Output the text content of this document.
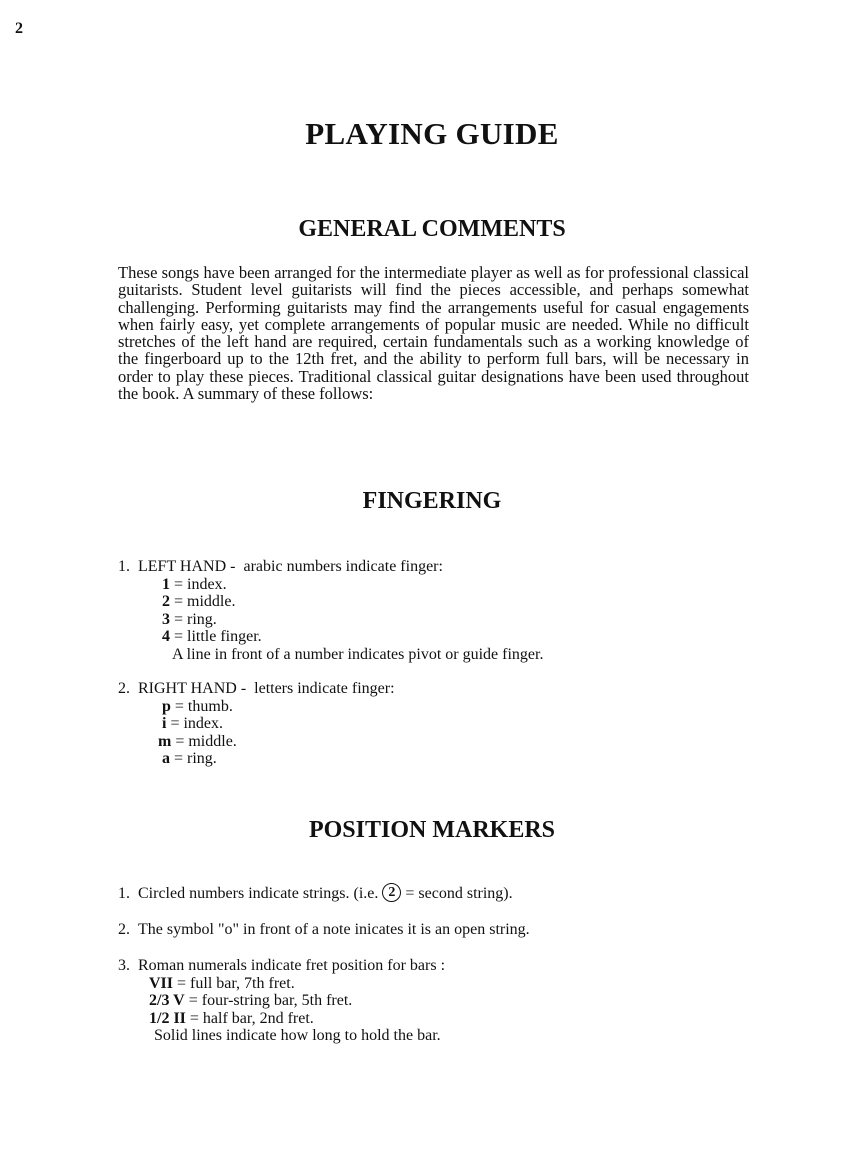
2
PLAYING GUIDE
GENERAL COMMENTS

These songs have been arranged for the intermediate player as well as for professional classical guitarists. Student level guitarists will find the pieces accessible, and perhaps somewhat challenging. Performing guitarists may find the arrangements useful for casual engagements when fairly easy, yet complete arrangements of popular music are needed. While no difficult stretches of the left hand are required, certain fundamentals such as a working knowledge of the fingerboard up to the 12th fret, and the ability to perform full bars, will be necessary in order to play these pieces. Traditional classical guitar designations have been used throughout the book. A summary of these follows:

FINGERING
1. LEFT HAND - arabic numbers indicate finger:
1 = index.
2 = middle.
3 = ring.
4 = little finger.
A line in front of a number indicates pivot or guide finger.
2. RIGHT HAND - letters indicate finger:
p = thumb.
i = index.
m = middle.
a = ring.
POSITION MARKERS
1. Circled numbers indicate strings. (i.e. 2 = second string).
2. The symbol "o" in front of a note inicates it is an open string.
3. Roman numerals indicate fret position for bars :
VII = full bar, 7th fret.
2/3 V = four-string bar, 5th fret.
1/2 II = half bar, 2nd fret.
Solid lines indicate how long to hold the bar.
